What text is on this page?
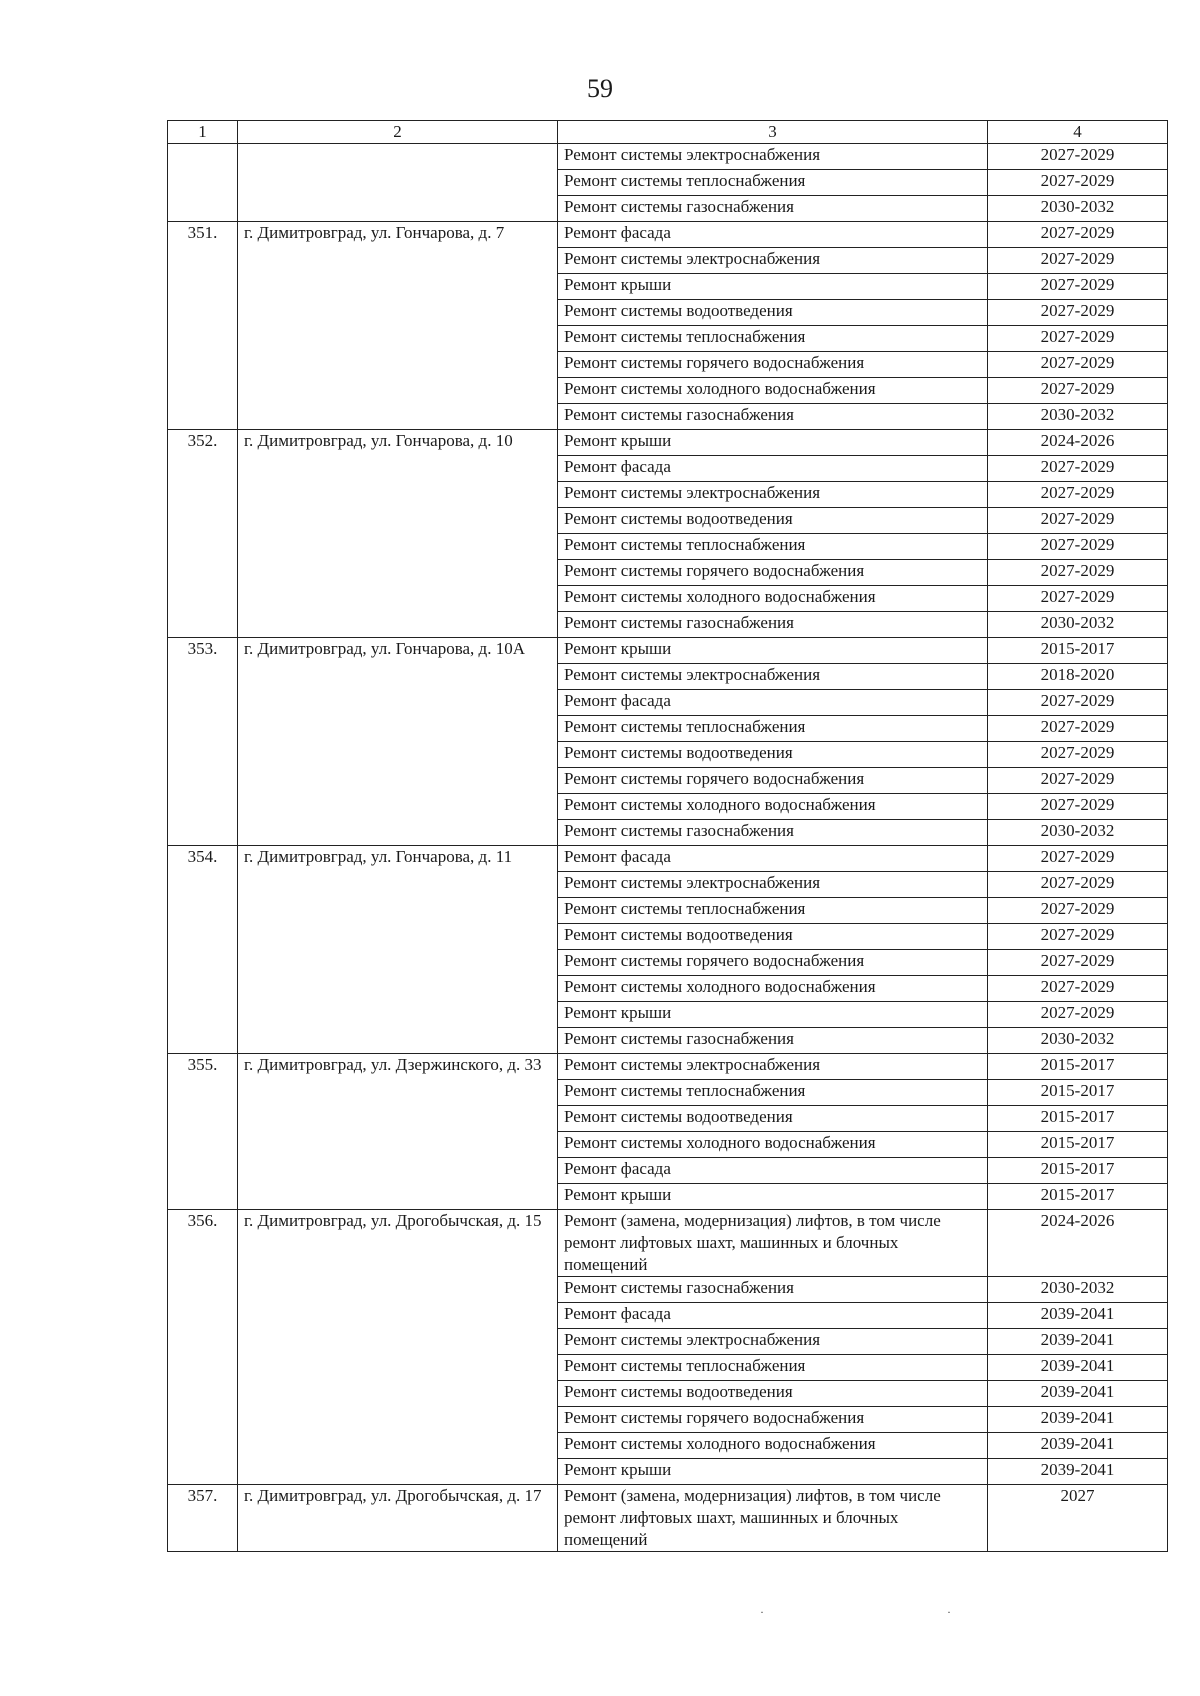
59
1	2	3	4
		Ремонт системы электроснабжения	2027-2029
		Ремонт системы теплоснабжения	2027-2029
		Ремонт системы газоснабжения	2030-2032
351.	г. Димитровград, ул. Гончарова, д. 7	Ремонт фасада	2027-2029
		Ремонт системы электроснабжения	2027-2029
		Ремонт крыши	2027-2029
		Ремонт системы водоотведения	2027-2029
		Ремонт системы теплоснабжения	2027-2029
		Ремонт системы горячего водоснабжения	2027-2029
		Ремонт системы холодного водоснабжения	2027-2029
		Ремонт системы газоснабжения	2030-2032
352.	г. Димитровград, ул. Гончарова, д. 10	Ремонт крыши	2024-2026
		Ремонт фасада	2027-2029
		Ремонт системы электроснабжения	2027-2029
		Ремонт системы водоотведения	2027-2029
		Ремонт системы теплоснабжения	2027-2029
		Ремонт системы горячего водоснабжения	2027-2029
		Ремонт системы холодного водоснабжения	2027-2029
		Ремонт системы газоснабжения	2030-2032
353.	г. Димитровград, ул. Гончарова, д. 10А	Ремонт крыши	2015-2017
		Ремонт системы электроснабжения	2018-2020
		Ремонт фасада	2027-2029
		Ремонт системы теплоснабжения	2027-2029
		Ремонт системы водоотведения	2027-2029
		Ремонт системы горячего водоснабжения	2027-2029
		Ремонт системы холодного водоснабжения	2027-2029
		Ремонт системы газоснабжения	2030-2032
354.	г. Димитровград, ул. Гончарова, д. 11	Ремонт фасада	2027-2029
		Ремонт системы электроснабжения	2027-2029
		Ремонт системы теплоснабжения	2027-2029
		Ремонт системы водоотведения	2027-2029
		Ремонт системы горячего водоснабжения	2027-2029
		Ремонт системы холодного водоснабжения	2027-2029
		Ремонт крыши	2027-2029
		Ремонт системы газоснабжения	2030-2032
355.	г. Димитровград, ул. Дзержинского, д. 33	Ремонт системы электроснабжения	2015-2017
		Ремонт системы теплоснабжения	2015-2017
		Ремонт системы водоотведения	2015-2017
		Ремонт системы холодного водоснабжения	2015-2017
		Ремонт фасада	2015-2017
		Ремонт крыши	2015-2017
356.	г. Димитровград, ул. Дрогобычская, д. 15	Ремонт (замена, модернизация) лифтов, в том числе ремонт лифтовых шахт, машинных и блочных помещений	2024-2026
		Ремонт системы газоснабжения	2030-2032
		Ремонт фасада	2039-2041
		Ремонт системы электроснабжения	2039-2041
		Ремонт системы теплоснабжения	2039-2041
		Ремонт системы водоотведения	2039-2041
		Ремонт системы горячего водоснабжения	2039-2041
		Ремонт системы холодного водоснабжения	2039-2041
		Ремонт крыши	2039-2041
357.	г. Димитровград, ул. Дрогобычская, д. 17	Ремонт (замена, модернизация) лифтов, в том числе ремонт лифтовых шахт, машинных и блочных помещений	2027
· ·
